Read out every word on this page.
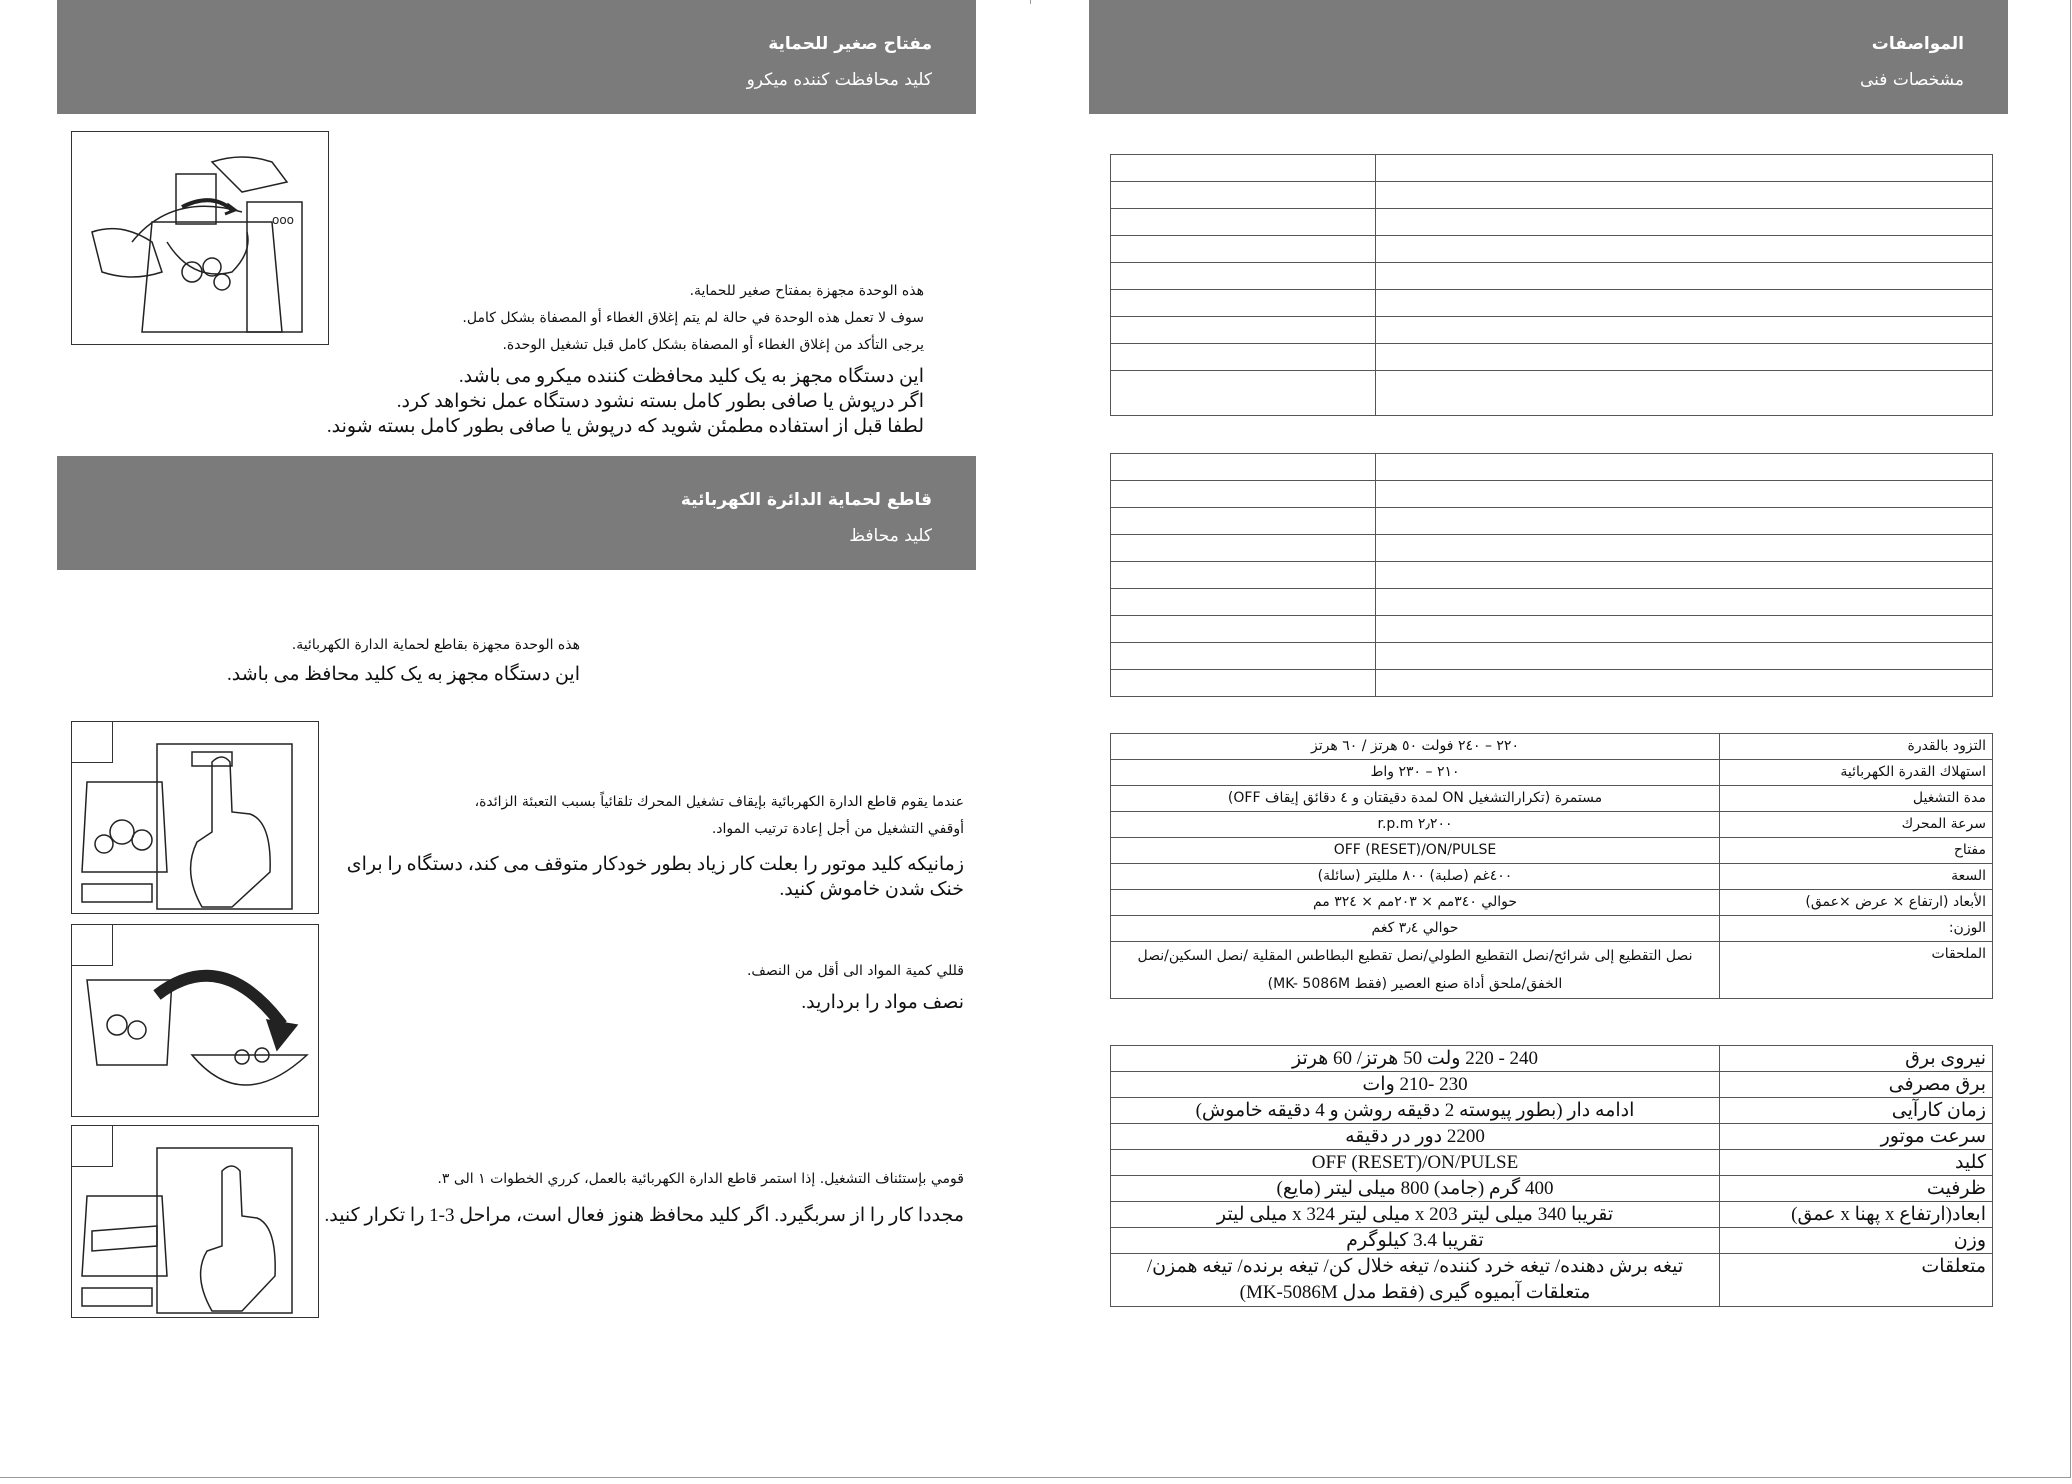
مفتاح صغير للحماية
کلید محافظت کننده میکرو
ooo
هذه الوحدة مجهزة بمفتاح صغير للحماية.
سوف لا تعمل هذه الوحدة في حالة لم يتم إغلاق الغطاء أو المصفاة بشكل كامل.
يرجى التأكد من إغلاق الغطاء أو المصفاة بشكل كامل قبل تشغيل الوحدة.
این دستگاه مجهز به یک کلید محافظت کننده میکرو می باشد.
اگر درپوش یا صافی بطور کامل بسته نشود دستگاه عمل نخواهد کرد.
لطفا قبل از استفاده مطمئن شوید که درپوش یا صافی بطور کامل بسته شوند.
قاطع لحماية الدائرة الكهربائية
کلید محافظ
هذه الوحدة مجهزة بقاطع لحماية الدارة الكهربائية.
این دستگاه مجهز به یک کلید محافظ می باشد.
عندما يقوم قاطع الدارة الكهربائية بإيقاف تشغيل المحرك تلقائياً بسبب التعبئة الزائدة،
أوقفي التشغيل من أجل إعادة ترتيب المواد.
زمانیکه کلید موتور را بعلت کار زیاد بطور خودکار متوقف می کند، دستگاه را برای
خنک شدن خاموش کنید.
قللي كمية المواد الى أقل من النصف.
نصف مواد را بردارید.
قومي بإستئناف التشغيل. إذا استمر قاطع الدارة الكهربائية بالعمل، كرري الخطوات ١ الى ٣.
مجددا کار را از سربگیرد. اگر کلید محافظ هنوز فعال است، مراحل 3-1 را تکرار کنید.
المواصفات
مشخصات فنی

التزود بالقدرة	٢٢٠ – ٢٤٠ فولت ٥٠ هرتز / ٦٠ هرتز
استهلاك القدرة الكهربائية	٢١٠ – ٢٣٠ واط
مدة التشغيل	مستمرة (تكرارالتشغيل ON لمدة دقيقتان و ٤ دقائق إيقاف OFF)
سرعة المحرك	٢٫٢٠٠ r.p.m
مفتاح	OFF (RESET)/ON/PULSE
السعة	٤٠٠غم (صلبة) ٨٠٠ ملليتر (سائلة)
الأبعاد (ارتفاع × عرض ×عمق)	حوالي ٣٤٠مم × ٢٠٣مم × ٣٢٤ مم
الوزن:	حوالي ٣٫٤ كغم
الملحقات	نصل التقطيع إلى شرائح/نصل التقطيع الطولي/نصل تقطيع البطاطس المقلية /نصل السكين/نصل الخفق/ملحق أداة صنع العصير (فقط MK- 5086M)
نیروی برق	240 - 220 ولت 50 هرتز/ 60 هرتز
برق مصرفی	230 -210 وات
زمان کارآیی	ادامه دار (بطور پیوسته 2 دقیقه روشن و 4 دقیقه خاموش)
سرعت موتور	2200 دور در دقیقه
کلید	OFF (RESET)/ON/PULSE
ظرفیت	400 گرم (جامد) 800 میلی لیتر (مایع)
ابعاد(ارتفاع x پهنا x عمق)	تقریبا 340 میلی لیتر x 203 میلی لیتر x 324 میلی لیتر
وزن	تقریبا 3.4 کیلوگرم
متعلقات	تیغه برش دهنده/ تیغه خرد کننده/ تیغه خلال کن/ تیغه برنده/ تیغه همزن/متعلقات آبمیوه گیری (فقط مدل MK-5086M)
